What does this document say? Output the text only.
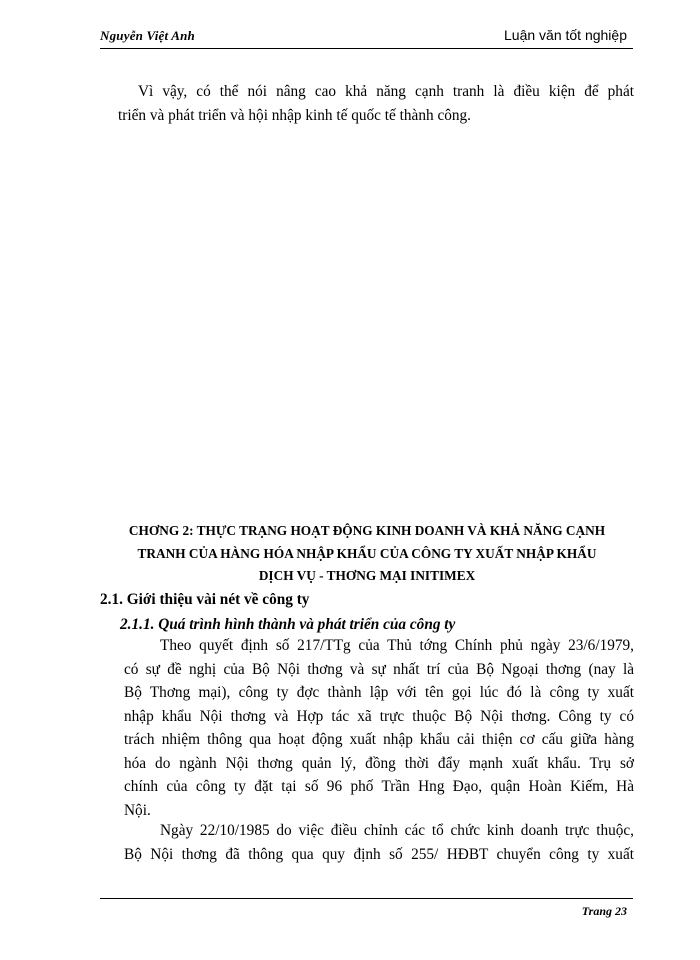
Nguyễn Việt Anh	Luận văn tốt nghiệp
Vì vậy, có thể nói nâng cao khả năng cạnh tranh là điều kiện để phát
triển và phát triển và hội nhập kinh tế quốc tế thành công.
CHƠNG 2: THỰC TRẠNG HOẠT ĐỘNG KINH DOANH VÀ KHẢ NĂNG CẠNH
TRANH CỦA HÀNG HÓA NHẬP KHẨU CỦA CÔNG TY XUẤT NHẬP KHẨU
DỊCH VỤ - THƠNG MẠI INITIMEX
2.1. Giới thiệu vài nét về công ty
2.1.1. Quá trình hình thành và phát triển của công ty
Theo quyết định số 217/TTg của Thủ tớng Chính phủ ngày 23/6/1979,
có sự đề nghị của Bộ Nội thơng và sự nhất trí của Bộ Ngoại thơng (nay là
Bộ Thơng mại), công ty đợc thành lập với tên gọi lúc đó là công ty xuất
nhập khẩu Nội thơng và Hợp tác xã trực thuộc Bộ Nội thơng. Công ty có
trách nhiệm thông qua hoạt động xuất nhập khẩu cải thiện cơ cấu giữa hàng
hóa do ngành Nội thơng quản lý, đồng thời đẩy mạnh xuất khẩu. Trụ sở
chính của công ty đặt tại số 96 phố Trần Hng Đạo, quận Hoàn Kiếm, Hà
Nội.
Ngày 22/10/1985 do việc điều chỉnh các tổ chức kinh doanh trực thuộc,
Bộ Nội thơng đã thông qua quy định số 255/ HĐBT chuyển công ty xuất
Trang 23
